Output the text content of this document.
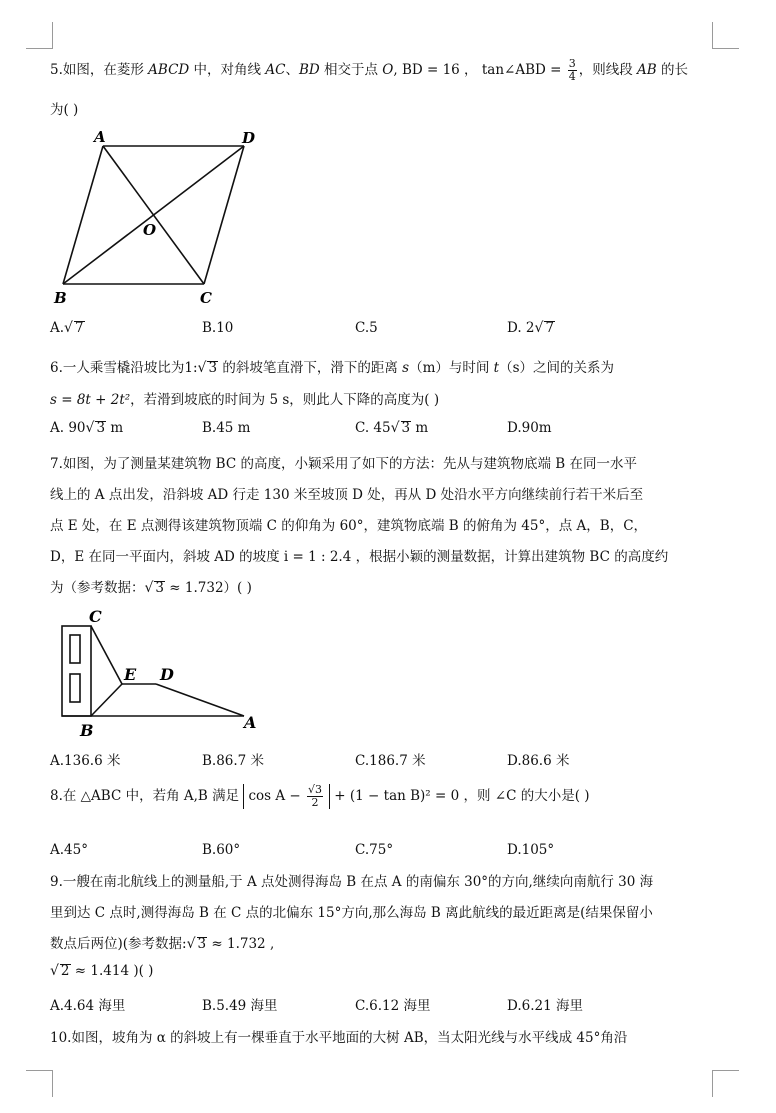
5.如图，在菱形 ABCD 中，对角线 AC、BD 相交于点 O, BD = 16 ， tan∠ABD = $\frac{3}{4}$ ，则线段 AB 的长
为( )
A	D
O
B	C
A.√ 7	B.10	C.5	D. 2√ 7
6.一人乘雪橇沿坡比为1:√ 3 的斜坡笔直滑下，滑下的距离 s（m）与时间 t（s）之间的关系为
s = 8t + 2t²，若滑到坡底的时间为 5 s，则此人下降的高度为( )
A. 90√ 3 m	B.45 m	C. 45√ 3 m	D.90m
7.如图，为了测量某建筑物 BC 的高度，小颖采用了如下的方法：先从与建筑物底端 B 在同一水平
线上的 A 点出发，沿斜坡 AD 行走 130 米至坡顶 D 处，再从 D 处沿水平方向继续前行若干米后至
点 E 处，在 E 点测得该建筑物顶端 C 的仰角为 60°，建筑物底端 B 的俯角为 45°，点 A，B，C，
D，E 在同一平面内，斜坡 AD 的坡度 i = 1 : 2.4 ，根据小颖的测量数据，计算出建筑物 BC 的高度约
为（参考数据：√ 3 ≈ 1.732）( )
C
E D
B	A
A.136.6 米	B.86.7 米	C.186.7 米	D.86.6 米
8.在 △ABC 中，若角 A,B 满足 $\cos A - \frac{√3}{2} + (1 - \tan B)^2 = 0$ ，则 ∠C 的大小是( )
A.45°	B.60°	C.75°	D.105°
9.一艘在南北航线上的测量船,于 A 点处测得海岛 B 在点 A 的南偏东 30°的方向,继续向南航行 30 海
里到达 C 点时,测得海岛 B 在 C 点的北偏东 15°方向,那么海岛 B 离此航线的最近距离是(结果保留小
数点后两位)(参考数据:√ 3 ≈ 1.732 ,
√ 2 ≈ 1.414 )( )
A.4.64 海里	B.5.49 海里	C.6.12 海里	D.6.21 海里
10.如图，坡角为 α 的斜坡上有一棵垂直于水平地面的大树 AB，当太阳光线与水平线成 45°角沿
